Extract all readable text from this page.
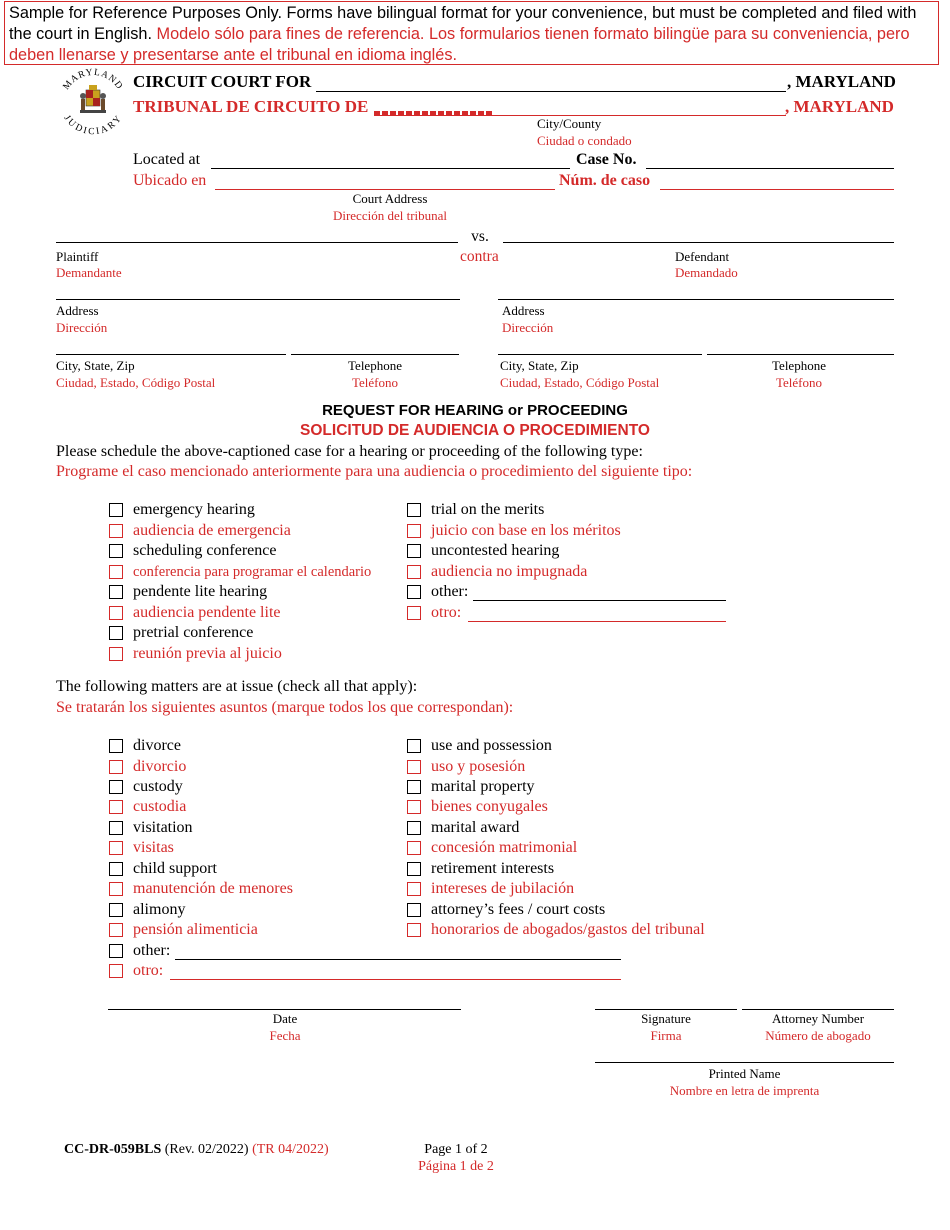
Sample for Reference Purposes Only. Forms have bilingual format for your convenience, but must be completed and filed with the court in English. Modelo sólo para fines de referencia. Los formularios tienen formato bilingüe para su conveniencia, pero deben llenarse y presentarse ante el tribunal en idioma inglés.
MARYLAND
JUDICIARY
CIRCUIT COURT FOR	, MARYLAND
TRIBUNAL DE CIRCUITO DE	, MARYLAND
City/County
Ciudad o condado
Located at	Case No.
Ubicado en	Núm. de caso
Court Address
Dirección del tribunal
vs.
Plaintiff
Demandante
contra	Defendant
Demandado
Address
Dirección
Address
Dirección
City, State, Zip
Ciudad, Estado, Código Postal
Telephone
Teléfono
City, State, Zip
Ciudad, Estado, Código Postal
Telephone
Teléfono
REQUEST FOR HEARING or PROCEEDING
SOLICITUD DE AUDIENCIA O PROCEDIMIENTO
Please schedule the above-captioned case for a hearing or proceeding of the following type:
Programe el caso mencionado anteriormente para una audiencia o procedimiento del siguiente tipo:
emergency hearing
audiencia de emergencia
scheduling conference
conferencia para programar el calendario
pendente lite hearing
audiencia pendente lite
pretrial conference
reunión previa al juicio
trial on the merits
juicio con base en los méritos
uncontested hearing
audiencia no impugnada
other:
otro:
The following matters are at issue (check all that apply):
Se tratarán los siguientes asuntos (marque todos los que correspondan):
divorce
divorcio
custody
custodia
visitation
visitas
child support
manutención de menores
alimony
pensión alimenticia
other:
otro:
use and possession
uso y posesión
marital property
bienes conyugales
marital award
concesión matrimonial
retirement interests
intereses de jubilación
attorney’s fees / court costs
honorarios de abogados/gastos del tribunal
Date
Fecha
Signature
Firma
Attorney Number
Número de abogado
Printed Name
Nombre en letra de imprenta
CC-DR-059BLS (Rev. 02/2022) (TR 04/2022)	Page 1 of 2
Página 1 de 2
